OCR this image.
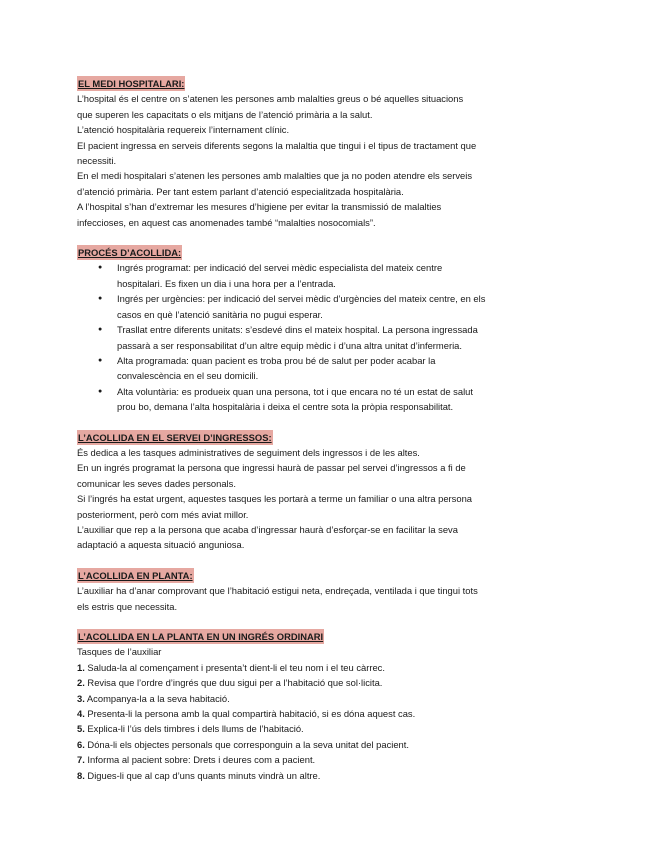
EL MEDI HOSPITALARI:

L’hospital és el centre on s’atenen les persones amb malalties greus o bé aquelles situacions

que superen les capacitats o els mitjans de l’atenció primària a la salut.

L’atenció hospitalària requereix l’internament clínic.

El pacient ingressa en serveis diferents segons la malaltia que tingui i el tipus de tractament que

necessiti.

En el medi hospitalari s’atenen les persones amb malalties que ja no poden atendre els serveis

d’atenció primària. Per tant estem parlant d’atenció especialitzada hospitalària.

A l’hospital s’han d’extremar les mesures d’higiene per evitar la transmissió de malalties

infeccioses, en aquest cas anomenades també “malalties nosocomials”.

PROCÉS D’ACOLLIDA:

● Ingrés programat: per indicació del servei mèdic especialista del mateix centre
hospitalari. Es fixen un dia i una hora per a l’entrada.
● Ingrés per urgències: per indicació del servei mèdic d’urgències del mateix centre, en els
casos en què l’atenció sanitària no pugui esperar.
● Trasllat entre diferents unitats: s’esdevé dins el mateix hospital. La persona ingressada
passarà a ser responsabilitat d’un altre equip mèdic i d’una altra unitat d’infermeria.
● Alta programada: quan pacient es troba prou bé de salut per poder acabar la
convalescència en el seu domicili.
● Alta voluntària: es produeix quan una persona, tot i que encara no té un estat de salut
prou bo, demana l’alta hospitalària i deixa el centre sota la pròpia responsabilitat.

L’ACOLLIDA EN EL SERVEI D’INGRESSOS:

És dedica a les tasques administratives de seguiment dels ingressos i de les altes.

En un ingrés programat la persona que ingressi haurà de passar pel servei d’ingressos a fi de

comunicar les seves dades personals.

Si l’ingrés ha estat urgent, aquestes tasques les portarà a terme un familiar o una altra persona

posteriorment, però com més aviat millor.

L’auxiliar que rep a la persona que acaba d’ingressar haurà d’esforçar-se en facilitar la seva

adaptació a aquesta situació anguniosa.

L’ACOLLIDA EN PLANTA:

L’auxiliar ha d’anar comprovant que l’habitació estigui neta, endreçada, ventilada i que tingui tots

els estris que necessita.

L’ACOLLIDA EN LA PLANTA EN UN INGRÉS ORDINARI

Tasques de l’auxiliar

1. Saluda-la al començament i presenta’t dient-li el teu nom i el teu càrrec.
2. Revisa que l’ordre d’ingrés que duu sigui per a l’habitació que sol·licita.
3. Acompanya-la a la seva habitació.
4. Presenta-li la persona amb la qual compartirà habitació, si es dóna aquest cas.
5. Explica-li l’ús dels timbres i dels llums de l’habitació.
6. Dóna-li els objectes personals que corresponguin a la seva unitat del pacient.
7. Informa al pacient sobre: Drets i deures com a pacient.
8. Digues-li que al cap d’uns quants minuts vindrà un altre.
